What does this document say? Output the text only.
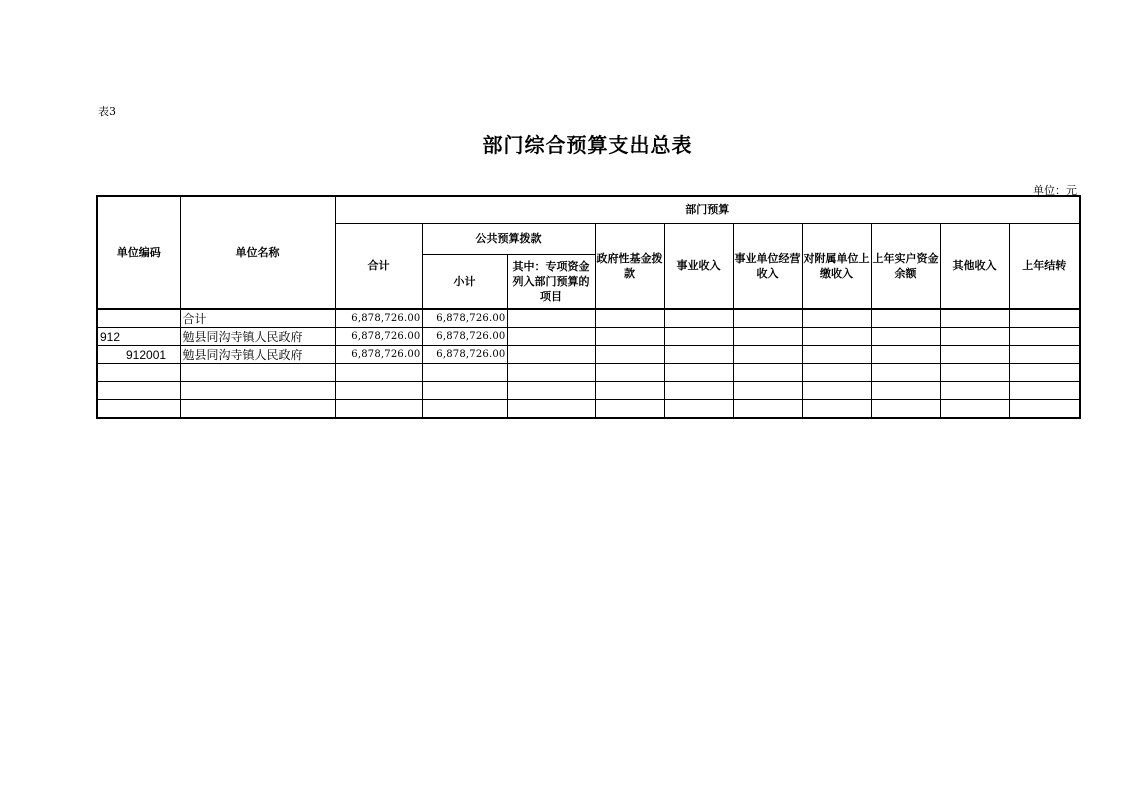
表3
部门综合预算支出总表
单位：元
单位编码	单位名称	部门预算									
		合计	公共预算拨款		政府性基金拨款	事业收入	事业单位经营收入	对附属单位上缴收入	上年实户资金余额	其他收入	上年结转
			小计	其中：专项资金列入部门预算的项目							
	合计	6,878,726.00	6,878,726.00								
912	勉县同沟寺镇人民政府	6,878,726.00	6,878,726.00								
912001	勉县同沟寺镇人民政府	6,878,726.00	6,878,726.00								
